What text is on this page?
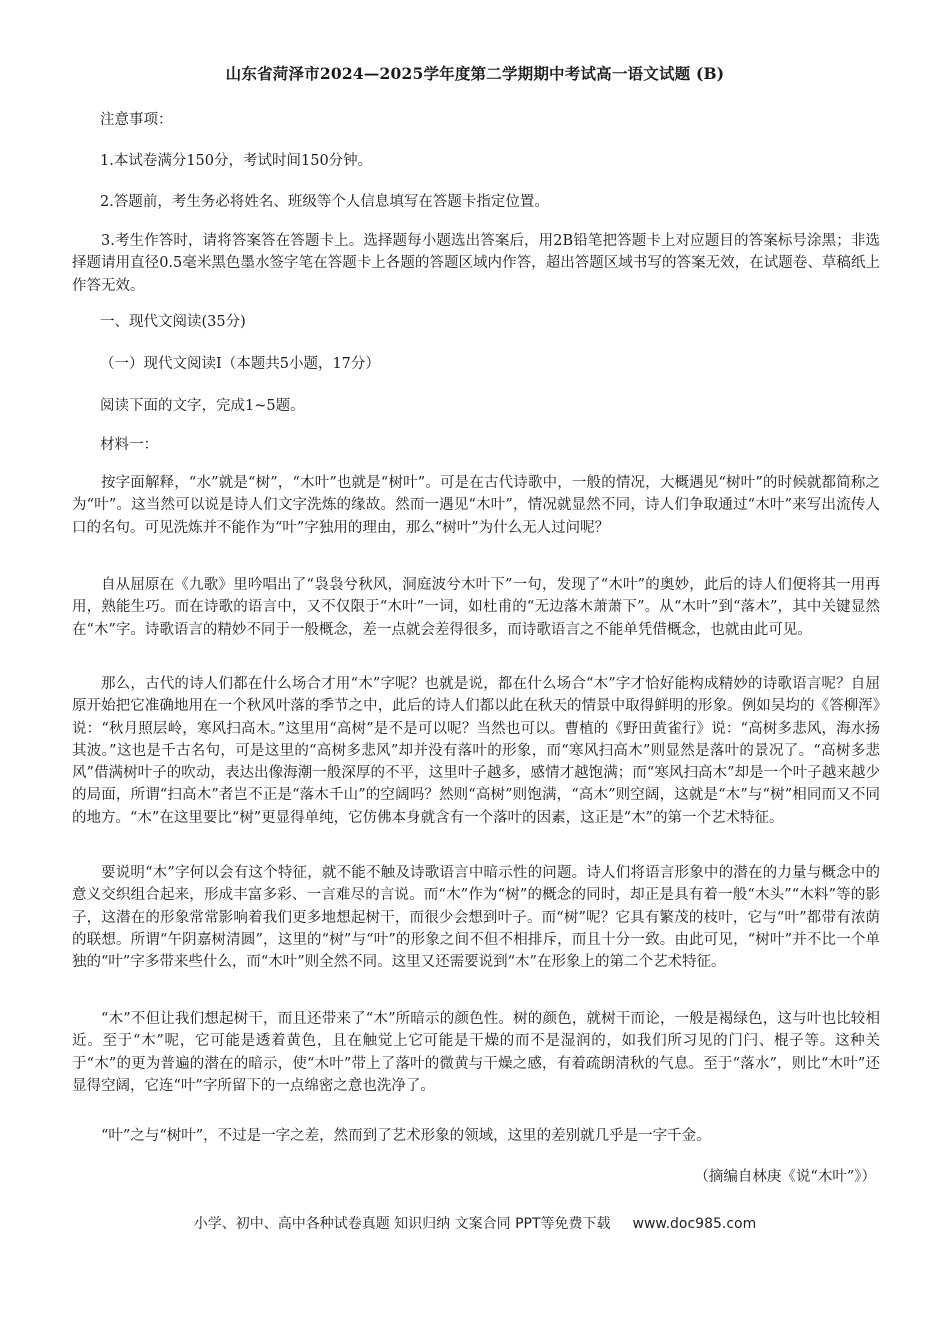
山东省菏泽市2024—2025学年度第二学期期中考试高一语文试题 (B)
注意事项：
1.本试卷满分150分，考试时间150分钟。
2.答题前，考生务必将姓名、班级等个人信息填写在答题卡指定位置。

3.考生作答时，请将答案答在答题卡上。选择题每小题选出答案后，用2B铅笔把答题卡上对应题目的答案标号涂黑；非选择题请用直径0.5毫米黑色墨水签字笔在答题卡上各题的答题区域内作答，超出答题区域书写的答案无效，在试题卷、草稿纸上作答无效。

一、现代文阅读(35分)
（一）现代文阅读Ⅰ（本题共5小题，17分）
阅读下面的文字，完成1~5题。
材料一：

按字面解释，“水”就是“树”，“木叶”也就是“树叶”。可是在古代诗歌中，一般的情况，大概遇见“树叶”的时候就都简称之为“叶”。这当然可以说是诗人们文字洗炼的缘故。然而一遇见“木叶”，情况就显然不同，诗人们争取通过“木叶”来写出流传人口的名句。可见洗炼并不能作为“叶”字独用的理由，那么“树叶”为什么无人过问呢？

自从屈原在《九歌》里吟唱出了“袅袅兮秋风，洞庭波兮木叶下”一句，发现了“木叶”的奥妙，此后的诗人们便将其一用再用，熟能生巧。而在诗歌的语言中，又不仅限于“木叶”一词，如杜甫的“无边落木萧萧下”。从“木叶”到“落木”，其中关键显然在“木”字。诗歌语言的精妙不同于一般概念，差一点就会差得很多，而诗歌语言之不能单凭借概念，也就由此可见。

那么，古代的诗人们都在什么场合才用“木”字呢？也就是说，都在什么场合“木”字才恰好能构成精妙的诗歌语言呢？自屈原开始把它准确地用在一个秋风叶落的季节之中，此后的诗人们都以此在秋天的情景中取得鲜明的形象。例如吴均的《答柳浑》说：“秋月照层岭，寒风扫高木。”这里用“高树”是不是可以呢？当然也可以。曹植的《野田黄雀行》说：“高树多悲风，海水扬其波。”这也是千古名句，可是这里的“高树多悲风”却并没有落叶的形象，而“寒风扫高木”则显然是落叶的景况了。“高树多悲风”借满树叶子的吹动，表达出像海潮一般深厚的不平，这里叶子越多，感情才越饱满；而“寒风扫高木”却是一个叶子越来越少的局面，所谓“扫高木”者岂不正是“落木千山”的空阔吗？然则“高树”则饱满，“高木”则空阔，这就是“木”与“树”相同而又不同的地方。“木”在这里要比“树”更显得单纯，它仿佛本身就含有一个落叶的因素，这正是“木”的第一个艺术特征。

要说明“木”字何以会有这个特征，就不能不触及诗歌语言中暗示性的问题。诗人们将语言形象中的潜在的力量与概念中的意义交织组合起来，形成丰富多彩、一言难尽的言说。而“木”作为“树”的概念的同时，却正是具有着一般“木头”“木料”等的影子，这潜在的形象常常影响着我们更多地想起树干，而很少会想到叶子。而“树”呢？它具有繁茂的枝叶，它与“叶”都带有浓荫的联想。所谓“午阴嘉树清圆”，这里的“树”与“叶”的形象之间不但不相排斥，而且十分一致。由此可见，“树叶”并不比一个单独的“叶”字多带来些什么，而“木叶”则全然不同。这里又还需要说到“木”在形象上的第二个艺术特征。

“木”不但让我们想起树干，而且还带来了“木”所暗示的颜色性。树的颜色，就树干而论，一般是褐绿色，这与叶也比较相近。至于“木”呢，它可能是透着黄色，且在触觉上它可能是干燥的而不是湿润的，如我们所习见的门闩、棍子等。这种关于“木”的更为普遍的潜在的暗示，使“木叶”带上了落叶的微黄与干燥之感，有着疏朗清秋的气息。至于“落水”，则比“木叶”还显得空阔，它连“叶”字所留下的一点绵密之意也洗净了。

“叶”之与“树叶”，不过是一字之差，然而到了艺术形象的领域，这里的差别就几乎是一字千金。

（摘编自林庚《说“木叶”》）
小学、初中、高中各种试卷真题 知识归纳 文案合同 PPT等免费下载 www.doc985.com
